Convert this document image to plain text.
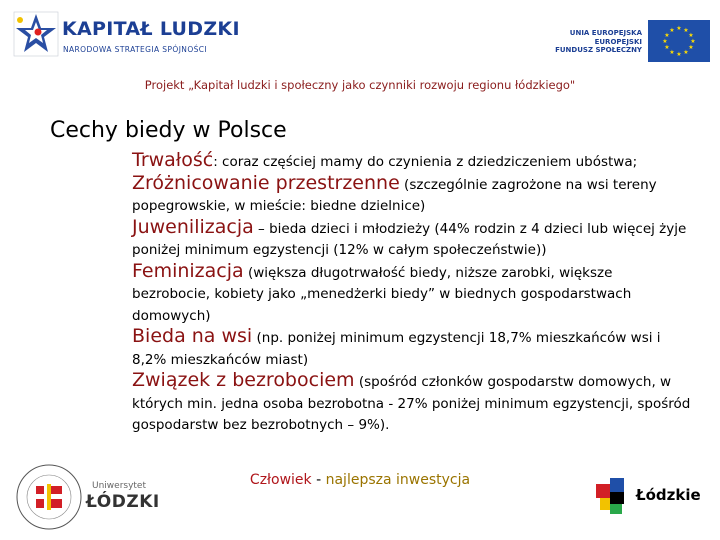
KAPITAŁ LUDZKI
NARODOWA STRATEGIA SPÓJNOŚCI
UNIA EUROPEJSKA
EUROPEJSKI
FUNDUSZ SPOŁECZNY
★ ★
★
★
★
★
★
★
★
★
★
★
Projekt „Kapitał ludzki i społeczny jako czynniki rozwoju regionu łódzkiego"
Cechy biedy w Polsce
Trwałość: coraz częściej mamy do czynienia z dziedziczeniem ubóstwa;
Zróżnicowanie przestrzenne (szczególnie zagrożone na wsi tereny popegrowskie, w mieście: biedne dzielnice)
Juwenilizacja – bieda dzieci i młodzieży (44% rodzin z 4 dzieci lub więcej żyje poniżej minimum egzystencji (12% w całym społeczeństwie))
Feminizacja (większa długotrwałość biedy, niższe zarobki, większe bezrobocie, kobiety jako „menedżerki biedy” w biednych gospodarstwach domowych)
Bieda na wsi (np. poniżej minimum egzystencji 18,7% mieszkańców wsi i 8,2% mieszkańców miast)
Związek z bezrobociem (spośród członków gospodarstw domowych, w których min. jedna osoba bezrobotna - 27% poniżej minimum egzystencji, spośród gospodarstw bez bezrobotnych – 9%).
Człowiek - najlepsza inwestycja
Uniwersytet
ŁÓDZKI	Łódzkie
